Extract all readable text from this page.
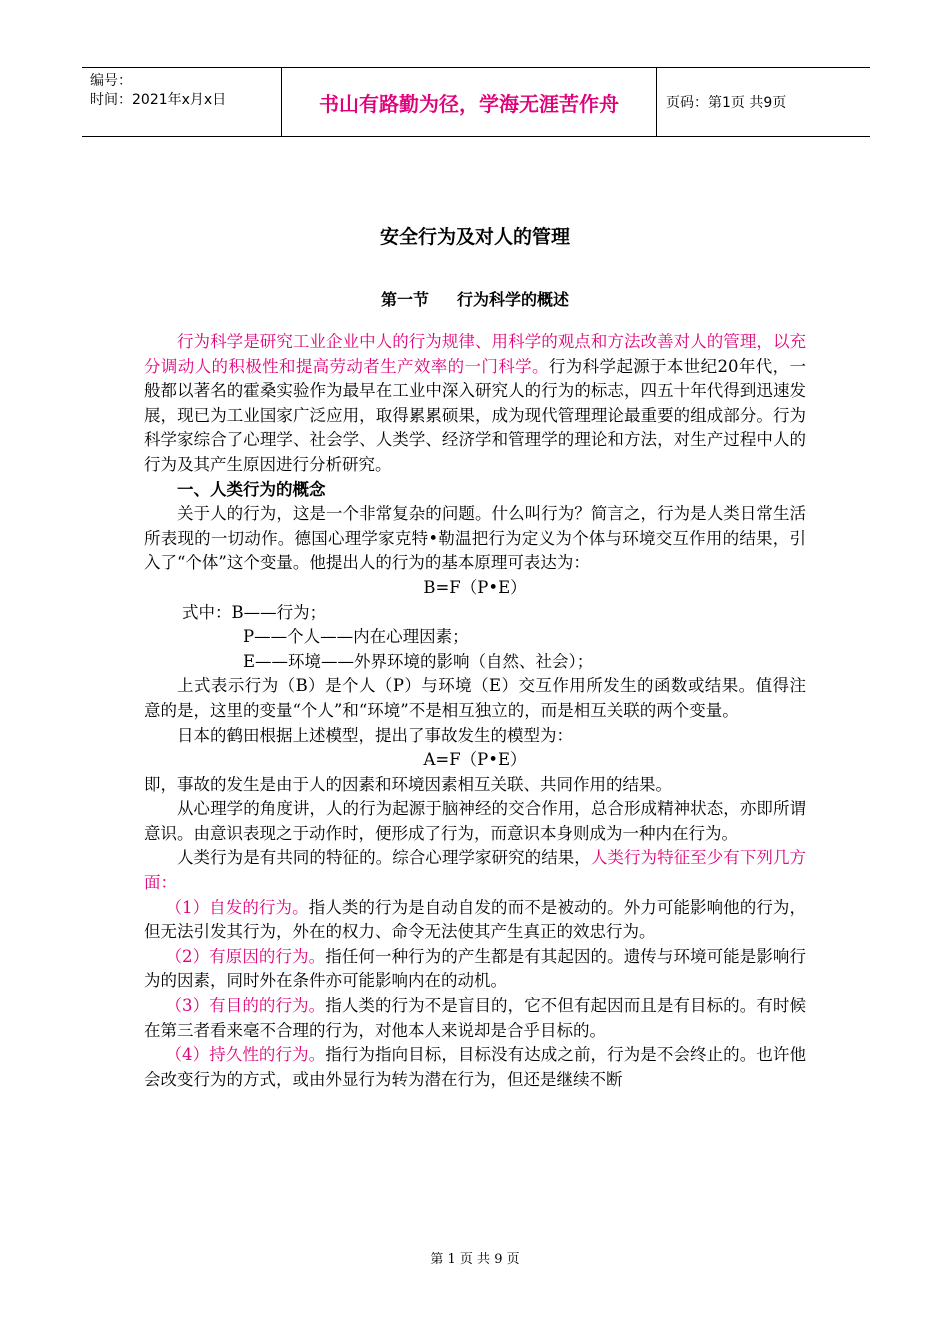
编号：
时间：2021年x月x日	书山有路勤为径，学海无涯苦作舟	页码：第1页 共9页
安全行为及对人的管理
第一节 行为科学的概述

行为科学是研究工业企业中人的行为规律、用科学的观点和方法改善对人的管理，以充分调动人的积极性和提高劳动者生产效率的一门科学。行为科学起源于本世纪20年代，一般都以著名的霍桑实验作为最早在工业中深入研究人的行为的标志，四五十年代得到迅速发展，现已为工业国家广泛应用，取得累累硕果，成为现代管理理论最重要的组成部分。行为科学家综合了心理学、社会学、人类学、经济学和管理学的理论和方法，对生产过程中人的行为及其产生原因进行分析研究。

一、人类行为的概念

关于人的行为，这是一个非常复杂的问题。什么叫行为？简言之，行为是人类日常生活所表现的一切动作。德国心理学家克特•勒温把行为定义为个体与环境交互作用的结果，引入了“个体”这个变量。他提出人的行为的基本原理可表达为：

B=F（P•E）

式中：B——行为；

P——个人——内在心理因素；

E——环境——外界环境的影响（自然、社会）；

上式表示行为（B）是个人（P）与环境（E）交互作用所发生的函数或结果。值得注意的是，这里的变量“个人”和“环境”不是相互独立的，而是相互关联的两个变量。

日本的鹤田根据上述模型，提出了事故发生的模型为：

A=F（P•E）

即，事故的发生是由于人的因素和环境因素相互关联、共同作用的结果。

从心理学的角度讲，人的行为起源于脑神经的交合作用，总合形成精神状态，亦即所谓意识。由意识表现之于动作时，便形成了行为，而意识本身则成为一种内在行为。

人类行为是有共同的特征的。综合心理学家研究的结果，人类行为特征至少有下列几方面：

（1）自发的行为。指人类的行为是自动自发的而不是被动的。外力可能影响他的行为，但无法引发其行为，外在的权力、命令无法使其产生真正的效忠行为。

（2）有原因的行为。指任何一种行为的产生都是有其起因的。遗传与环境可能是影响行为的因素，同时外在条件亦可能影响内在的动机。

（3）有目的的行为。指人类的行为不是盲目的，它不但有起因而且是有目标的。有时候在第三者看来毫不合理的行为，对他本人来说却是合乎目标的。

（4）持久性的行为。指行为指向目标，目标没有达成之前，行为是不会终止的。也许他会改变行为的方式，或由外显行为转为潜在行为，但还是继续不断

第 1 页 共 9 页
